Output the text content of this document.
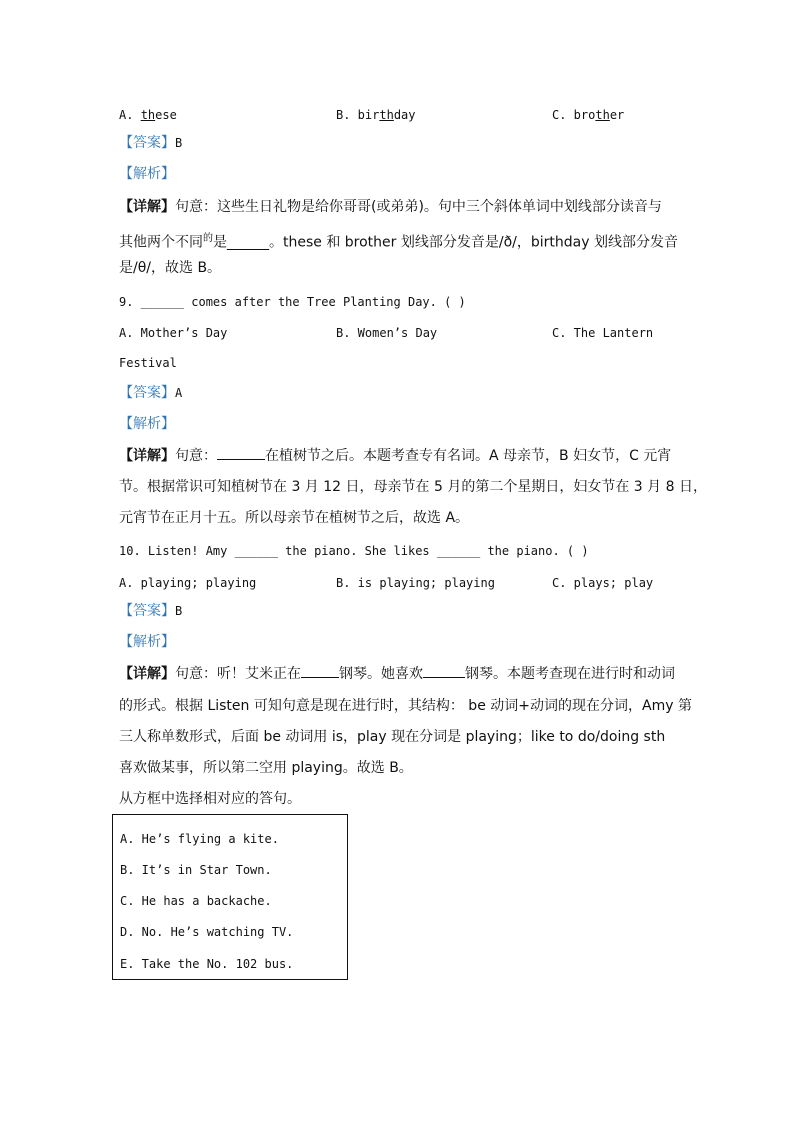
A. these	B. birthday	C. brother
【答案】B
【解析】
【详解】句意：这些生日礼物是给你哥哥(或弟弟)。句中三个斜体单词中划线部分读音与
其他两个不同$^的$是______。these 和 brother 划线部分发音是/ð/，birthday 划线部分发音
是/θ/，故选 B。
9. ______ comes after the Tree Planting Day. ( )
A. Mother’s Day	B. Women’s Day	C. The Lantern
Festival
【答案】A
【解析】
【详解】句意：	在植树节之后。本题考查专有名词。A 母亲节，B 妇女节，C 元宵
节。根据常识可知植树节在 3 月 12 日，母亲节在 5 月的第二个星期日，妇女节在 3 月 8 日，
元宵节在正月十五。所以母亲节在植树节之后，故选 A。
10. Listen! Amy ______ the piano. She likes ______ the piano. ( )
A. playing; playing	B. is playing; playing	C. plays; play
【答案】B
【解析】
【详解】句意：听！艾米正在	钢琴。她喜欢	钢琴。本题考查现在进行时和动词
的形式。根据 Listen 可知句意是现在进行时，其结构： be 动词+动词的现在分词，Amy 第
三人称单数形式，后面 be 动词用 is，play 现在分词是 playing；like to do/doing sth
喜欢做某事，所以第二空用 playing。故选 B。
从方框中选择相对应的答句。
A. He’s flying a kite.
B. It’s in Star Town.
C. He has a backache.
D. No. He’s watching TV.
E. Take the No. 102 bus.
